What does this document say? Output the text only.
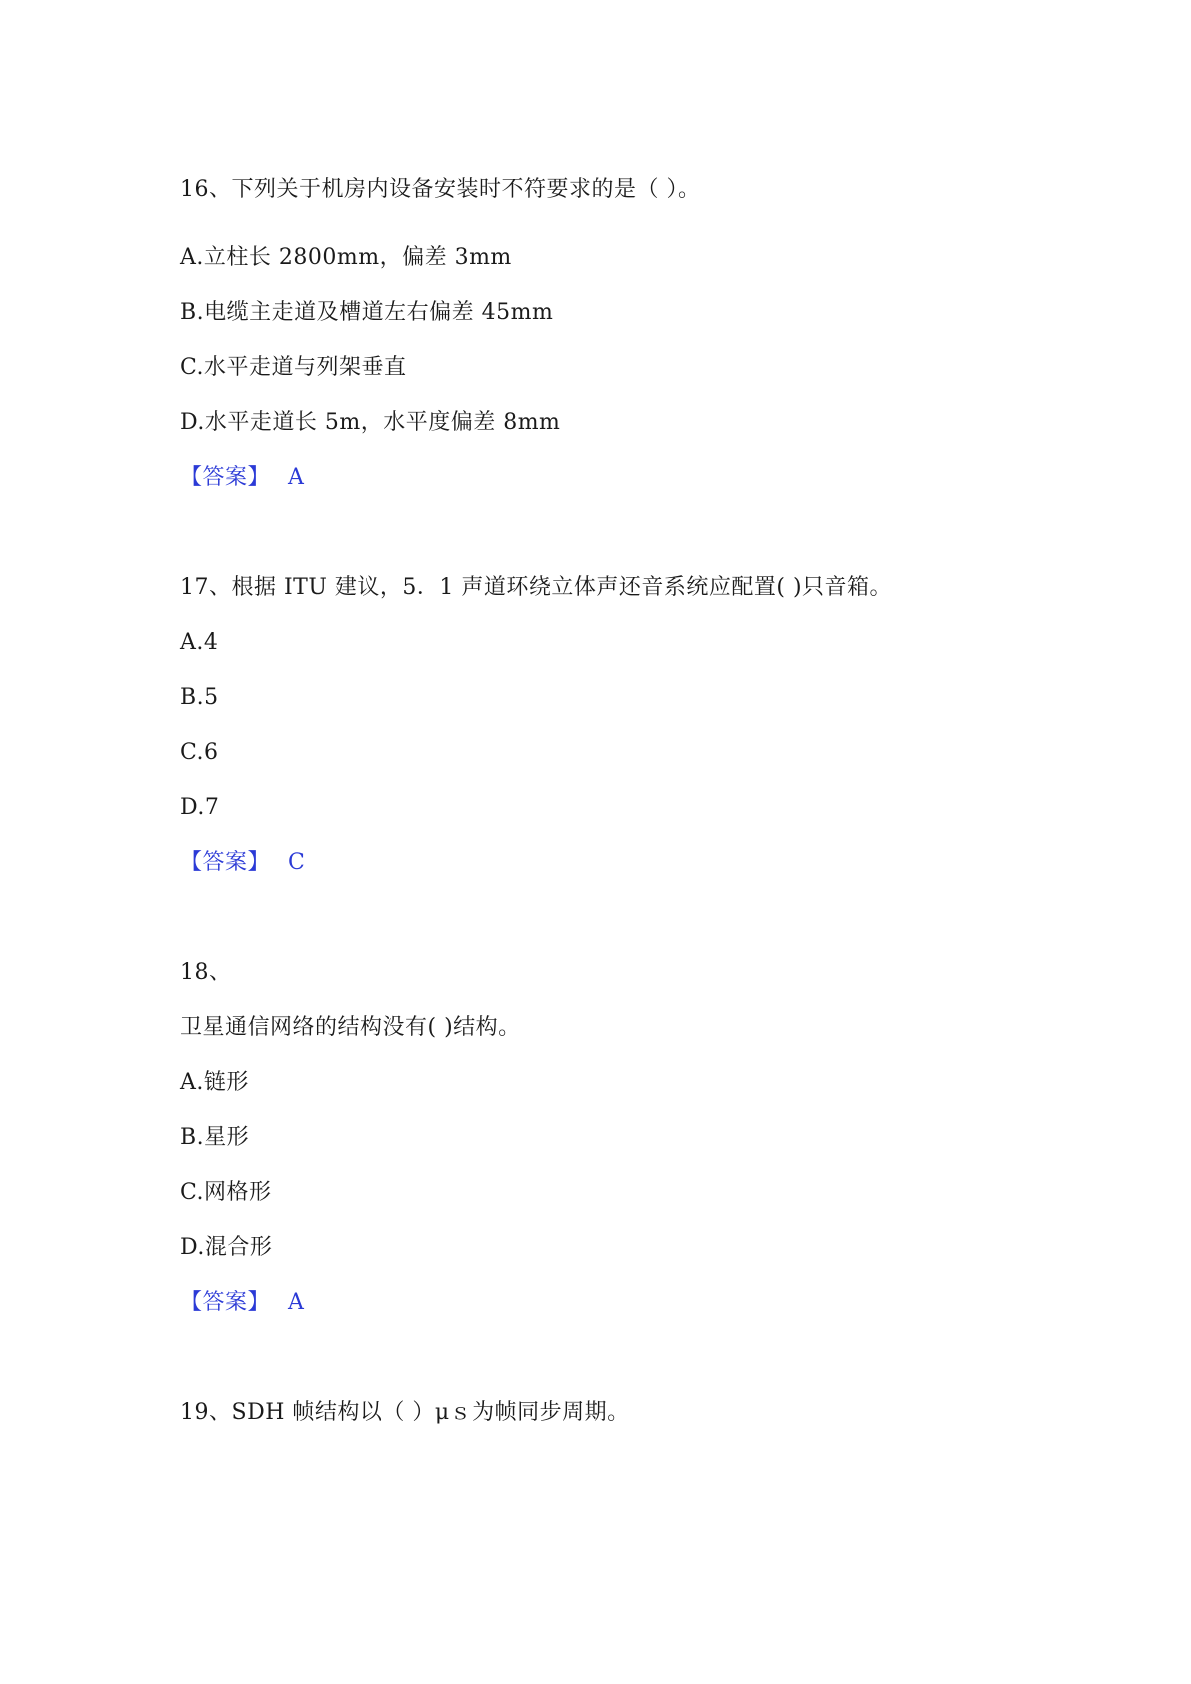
16、下列关于机房内设备安装时不符要求的是（ ）。
A.立柱长 2800mm，偏差 3mm
B.电缆主走道及槽道左右偏差 45mm
C.水平走道与列架垂直
D.水平走道长 5m，水平度偏差 8mm
【答案】 A
17、根据 ITU 建议，5．1 声道环绕立体声还音系统应配置( )只音箱。
A.4
B.5
C.6
D.7
【答案】 C
18、
卫星通信网络的结构没有( )结构。
A.链形
B.星形
C.网格形
D.混合形
【答案】 A
19、SDH 帧结构以（ ）μｓ为帧同步周期。
